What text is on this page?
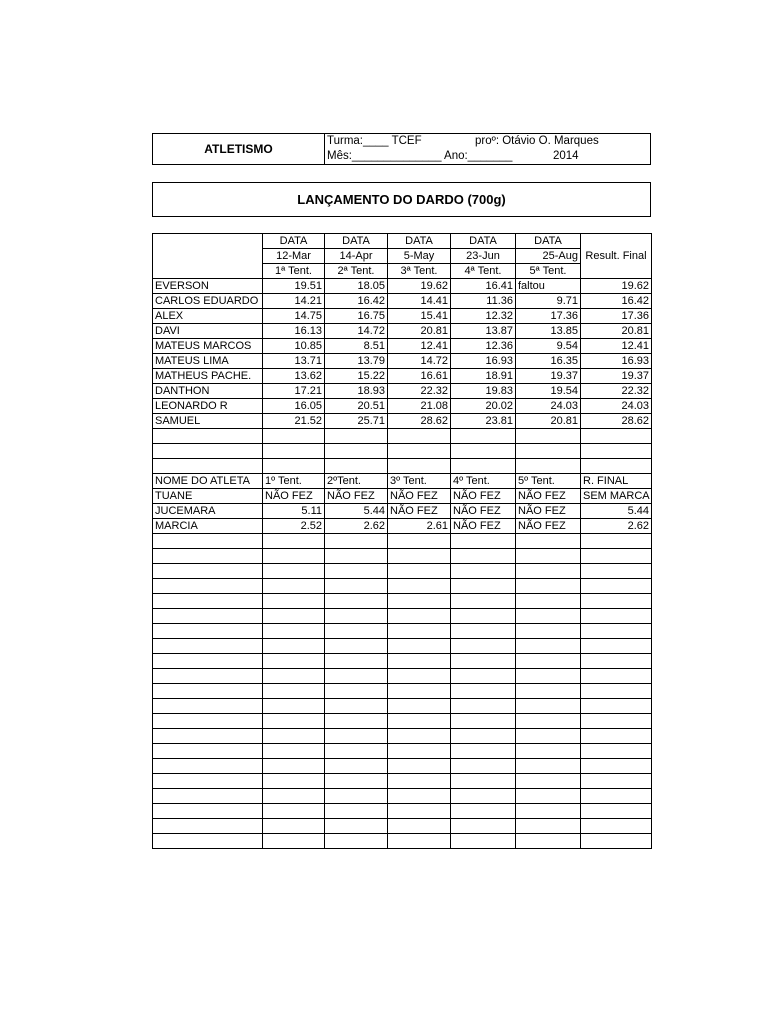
ATLETISMO
Turma:____ TCEF	proº: Otávio O. Marques
Mês:______________ Ano:_______	2014
LANÇAMENTO DO DARDO (700g)
	DATA	DATA	DATA	DATA	DATA	Result. Final
	12-Mar	14-Apr	5-May	23-Jun	25-Aug	
	1ª Tent.	2ª Tent.	3ª Tent.	4ª Tent.	5ª Tent.	
EVERSON	19.51	18.05	19.62	16.41	faltou	19.62
CARLOS EDUARDO	14.21	16.42	14.41	11.36	9.71	16.42
ALEX	14.75	16.75	15.41	12.32	17.36	17.36
DAVI	16.13	14.72	20.81	13.87	13.85	20.81
MATEUS MARCOS	10.85	8.51	12.41	12.36	9.54	12.41
MATEUS LIMA	13.71	13.79	14.72	16.93	16.35	16.93
MATHEUS PACHE.	13.62	15.22	16.61	18.91	19.37	19.37
DANTHON	17.21	18.93	22.32	19.83	19.54	22.32
LEONARDO R	16.05	20.51	21.08	20.02	24.03	24.03
SAMUEL	21.52	25.71	28.62	23.81	20.81	28.62

NOME DO ATLETA	1º Tent.	2ºTent.	3º Tent.	4º Tent.	5º Tent.	R. FINAL
TUANE	NÃO FEZ	NÃO FEZ	NÃO FEZ	NÃO FEZ	NÃO FEZ	SEM MARCA
JUCEMARA	5.11	5.44	NÃO FEZ	NÃO FEZ	NÃO FEZ	5.44
MARCIA	2.52	2.62	2.61	NÃO FEZ	NÃO FEZ	2.62
